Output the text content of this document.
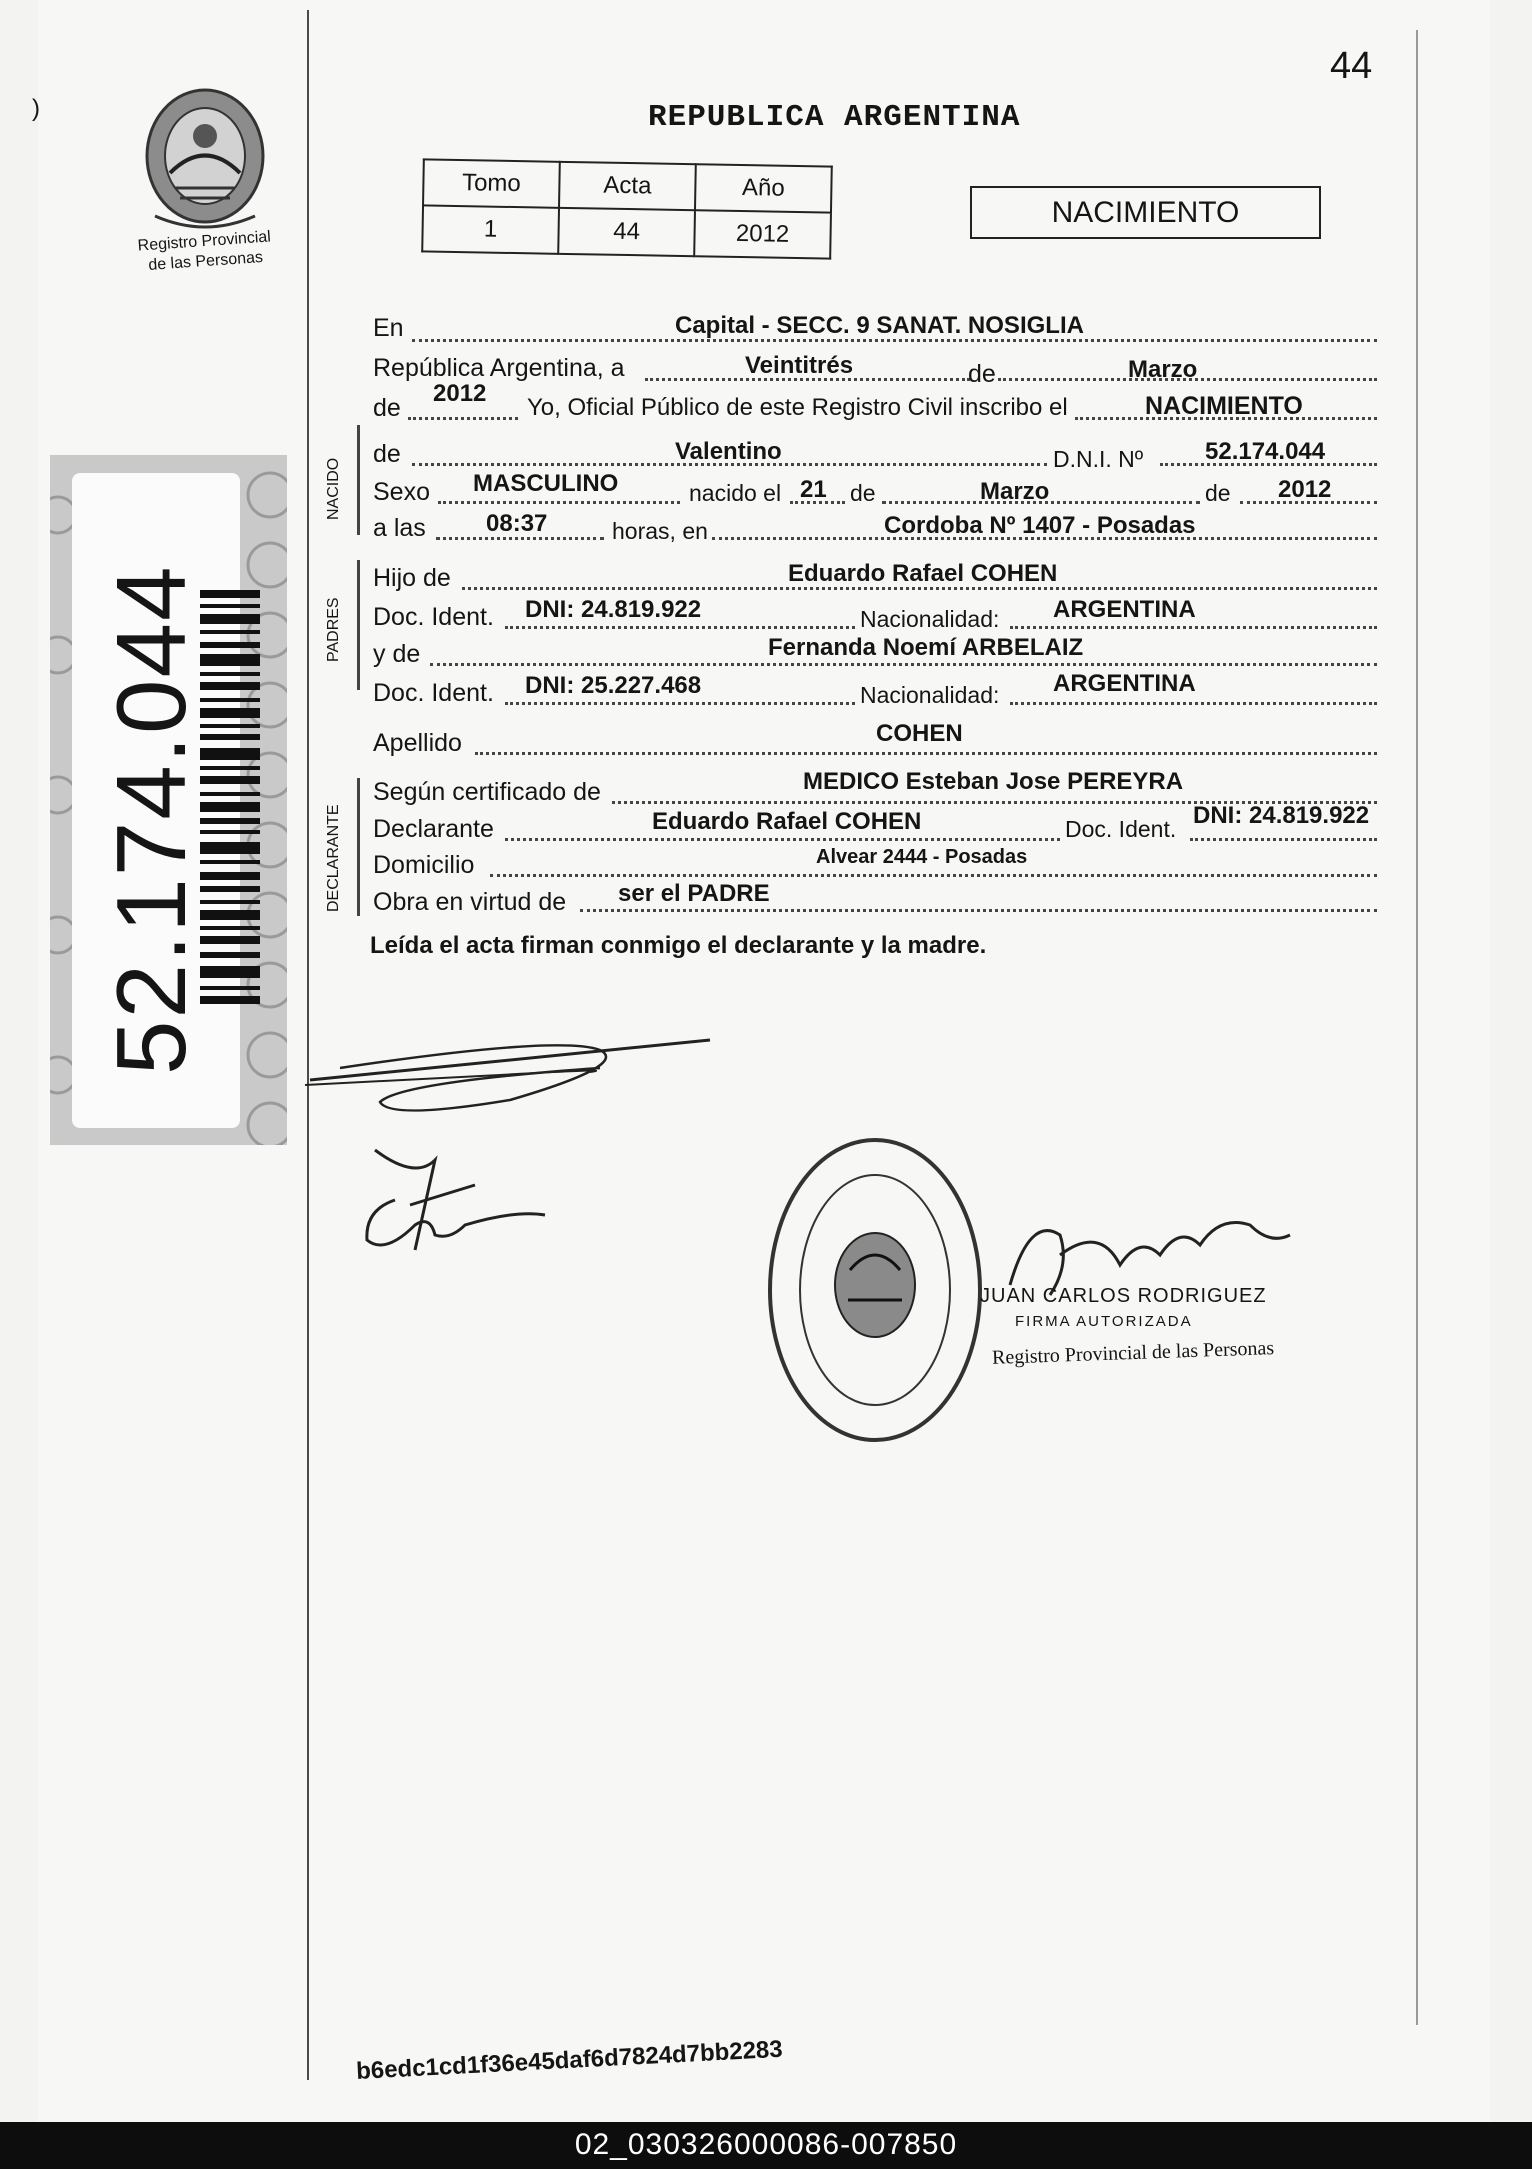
)
44
REPUBLICA ARGENTINA
Registro Provincial
de las Personas
Tomo	Acta	Año
1	44	2012
NACIMIENTO
52.174.044
NACIDO
PADRES
DECLARANTE
En	Capital - SECC. 9 SANAT. NOSIGLIA
República Argentina, a	Veintitrés	de	Marzo
de
2012
Yo, Oficial Público de este Registro Civil inscribo el	NACIMIENTO
de	Valentino	D.N.I. Nº	52.174.044
Sexo MASCULINO	nacido el 21 de	Marzo	de 2012
a las	08:37	horas, en	Cordoba Nº 1407 - Posadas
Hijo de	Eduardo Rafael COHEN
Doc. Ident. DNI: 24.819.922	Nacionalidad: ARGENTINA
y de	Fernanda Noemí ARBELAIZ
Doc. Ident. DNI: 25.227.468	Nacionalidad: ARGENTINA
Apellido	COHEN
Según certificado de	MEDICO Esteban Jose PEREYRA
Declarante	Eduardo Rafael COHEN	Doc. Ident. DNI: 24.819.922
Domicilio	Alvear 2444 - Posadas
Obra en virtud de ser el PADRE
Leída el acta firman conmigo el declarante y la madre.
JUAN CARLOS RODRIGUEZ
FIRMA AUTORIZADA
Registro Provincial de las Personas
b6edc1cd1f36e45daf6d7824d7bb2283
02_030326000086-007850
